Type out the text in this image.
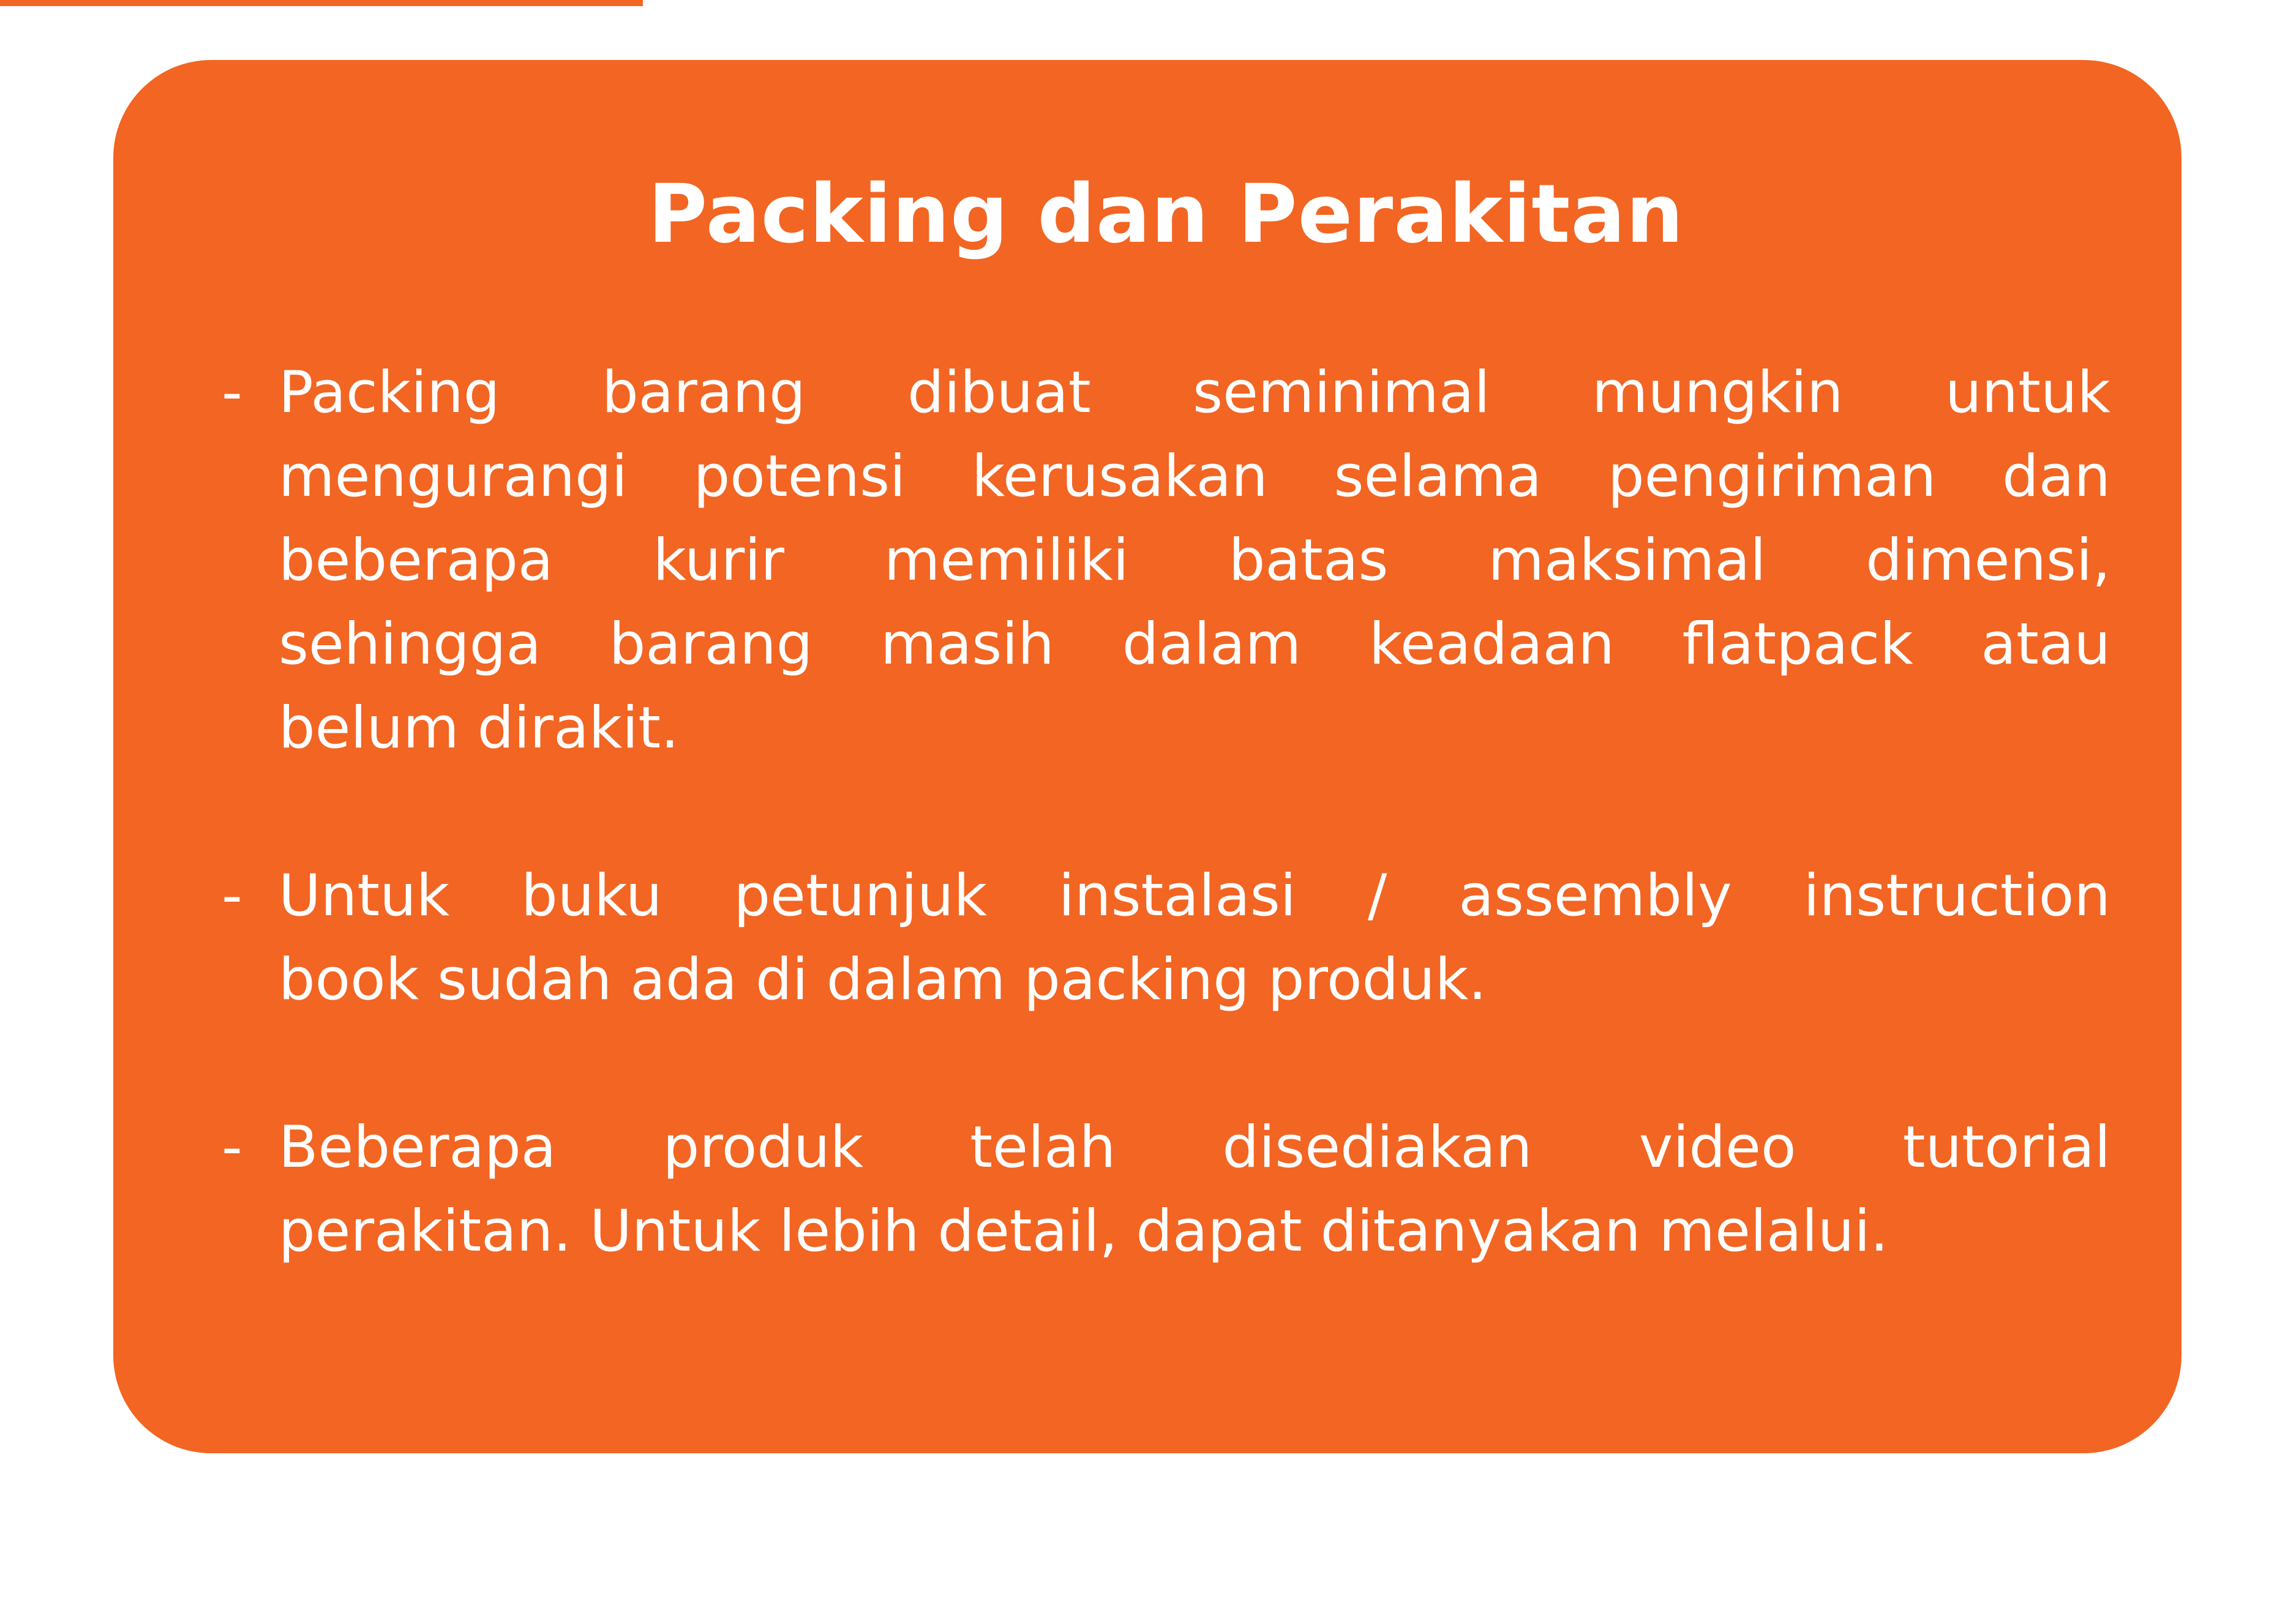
Packing dan Perakitan
- Packing barang dibuat seminimal mungkin untuk
mengurangi potensi kerusakan selama pengiriman dan
beberapa kurir memiliki batas maksimal dimensi,
sehingga barang masih dalam keadaan flatpack atau
belum dirakit.
- Untuk buku petunjuk instalasi / assembly instruction
book sudah ada di dalam packing produk.
- Beberapa produk telah disediakan video tutorial
perakitan. Untuk lebih detail, dapat ditanyakan melalui.
